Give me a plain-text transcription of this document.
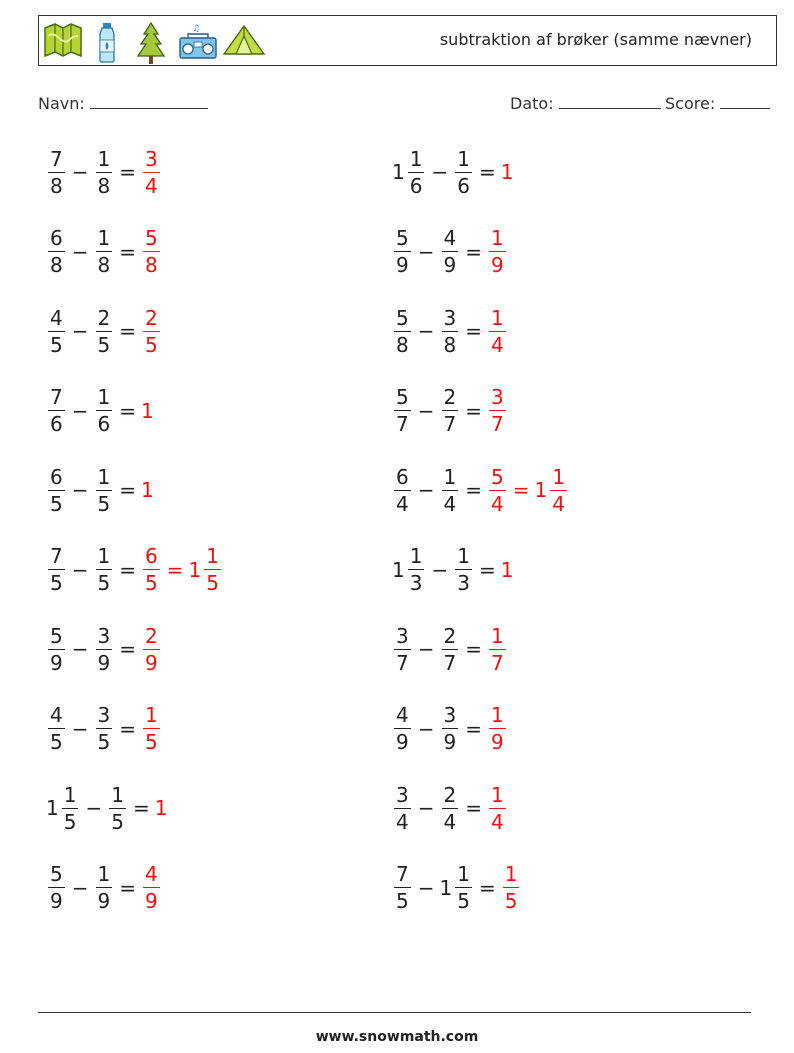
♫
subtraktion af brøker (samme nævner)
Navn:	Dato:	Score:
$\frac{7}{8} - \frac{1}{8} = \frac{3}{4}$	$1 \frac{1}{6} - \frac{1}{6} = 1$
$\frac{6}{8} - \frac{1}{8} = \frac{5}{8}$	$\frac{5}{9} - \frac{4}{9} = \frac{1}{9}$
$\frac{4}{5} - \frac{2}{5} = \frac{2}{5}$	$\frac{5}{8} - \frac{3}{8} = \frac{1}{4}$
$\frac{7}{6} - \frac{1}{6} = 1$	$\frac{5}{7} - \frac{2}{7} = \frac{3}{7}$
$\frac{6}{5} - \frac{1}{5} = 1$	$\frac{6}{4} - \frac{1}{4} = \frac{5}{4} = 1 \frac{1}{4}$
$\frac{7}{5} - \frac{1}{5} = \frac{6}{5} = 1 \frac{1}{5}$	$1 \frac{1}{3} - \frac{1}{3} = 1$
$\frac{5}{9} - \frac{3}{9} = \frac{2}{9}$	$\frac{3}{7} - \frac{2}{7} = \frac{1}{7}$
$\frac{4}{5} - \frac{3}{5} = \frac{1}{5}$	$\frac{4}{9} - \frac{3}{9} = \frac{1}{9}$
$1 \frac{1}{5} - \frac{1}{5} = 1$	$\frac{3}{4} - \frac{2}{4} = \frac{1}{4}$
$\frac{5}{9} - \frac{1}{9} = \frac{4}{9}$	$\frac{7}{5} - 1 \frac{1}{5} = \frac{1}{5}$
www.snowmath.com
